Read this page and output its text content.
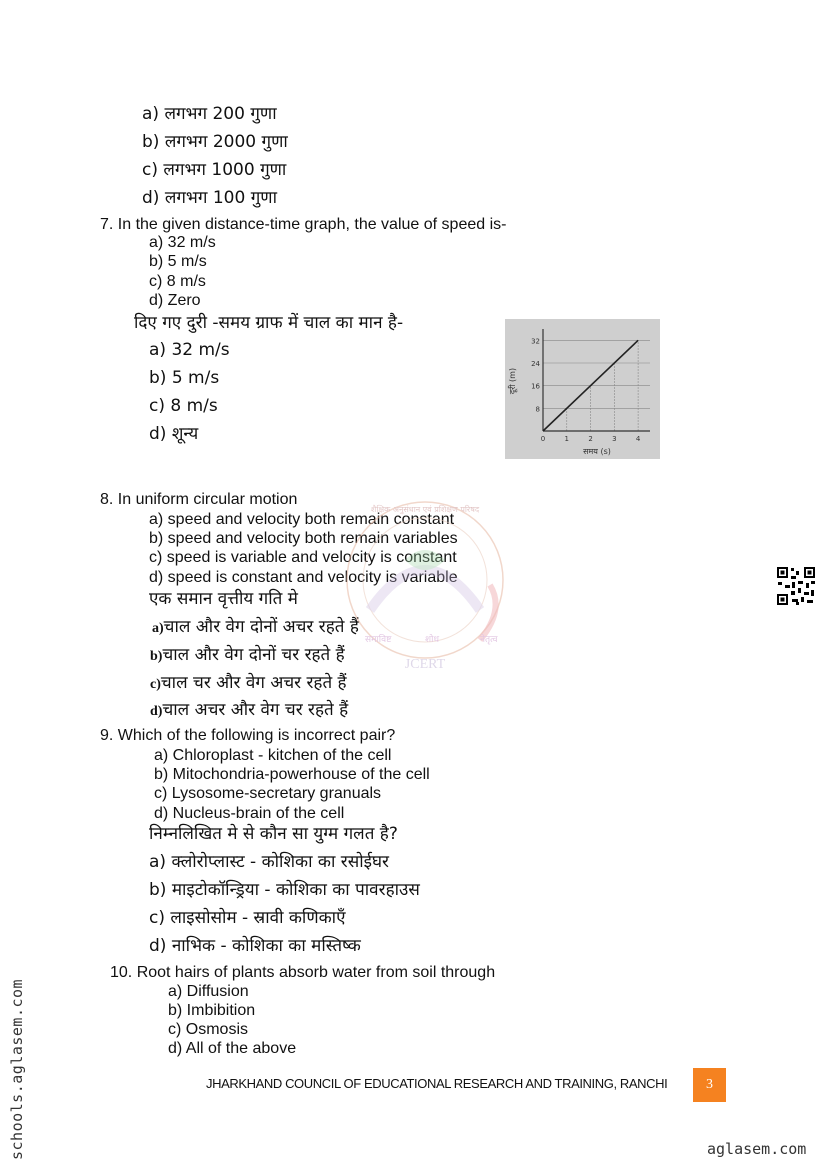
a) लगभग 200 गुणा
b) लगभग 2000 गुणा
c) लगभग 1000 गुणा
d) लगभग 100 गुणा
7. In the given distance-time graph, the value of speed is-
a) 32 m/s
b) 5 m/s
c) 8 m/s
d) Zero
दिए गए दुरी -समय ग्राफ में चाल का मान है-
a) 32 m/s
b) 5 m/s
c) 8 m/s
d) शून्य
8
16
24
32
0	1	2	3	4
दूरी (m)
समय (s)
8. In uniform circular motion
a) speed and velocity both remain constant
b) speed and velocity both remain variables
c) speed is variable and velocity is constant
d) speed is constant and velocity is variable
एक समान वृत्तीय गति मे
a)चाल और वेग दोनों अचर रहते हैं
b)चाल और वेग दोनों चर रहते हैं
c)चाल चर और वेग अचर रहते हैं
d)चाल अचर और वेग चर रहते हैं
9. Which of the following is incorrect pair?
a) Chloroplast - kitchen of the cell
b) Mitochondria-powerhouse of the cell
c) Lysosome-secretary granuals
d) Nucleus-brain of the cell
निम्नलिखित मे से कौन सा युग्म गलत है?
a) क्लोरोप्लास्ट - कोशिका का रसोईघर
b) माइटोकॉन्ड्रिया - कोशिका का पावरहाउस
c) लाइसोसोम - स्रावी कणिकाएँ
d) नाभिक - कोशिका का मस्तिष्क
10. Root hairs of plants absorb water from soil through
a) Diffusion
b) Imbibition
c) Osmosis
d) All of the above
शैक्षिक अनुसंधान एवं प्रशिक्षण परिषद
समाविष्ट	शोध	नेतृत्व
JCERT
JHARKHAND COUNCIL OF EDUCATIONAL RESEARCH AND TRAINING, RANCHI	3
schools.aglasem.com	aglasem.com
